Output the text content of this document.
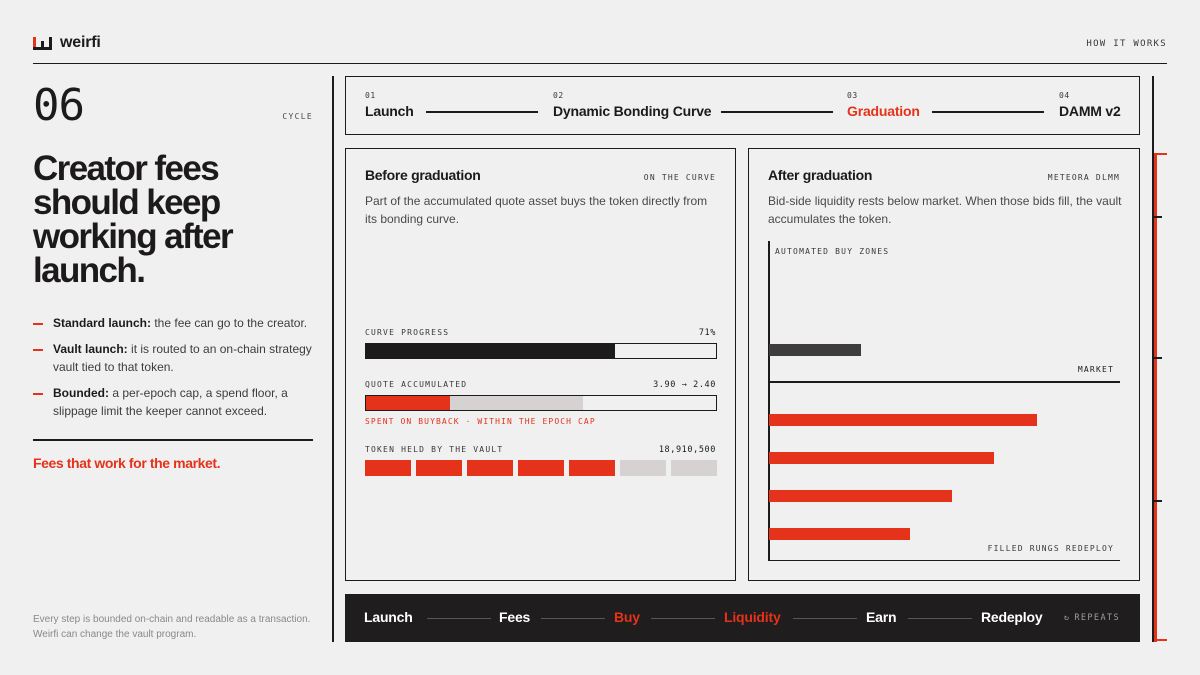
weirfi	HOW IT WORKS
06	CYCLE
Creator fees should keep working after launch.
Standard launch: the fee can go to the creator.
Vault launch: it is routed to an on-chain strategy vault tied to that token.
Bounded: a per-epoch cap, a spend floor, a slippage limit the keeper cannot exceed.
Fees that work for the market.
Every step is bounded on-chain and readable as a transaction. Weirfi can change the vault program.
01
Launch
02
Dynamic Bonding Curve
03
Graduation
04
DAMM v2
Before graduation	ON THE CURVE
Part of the accumulated quote asset buys the token directly from its bonding curve.
CURVE PROGRESS	71%
QUOTE ACCUMULATED	3.90 → 2.40
SPENT ON BUYBACK · WITHIN THE EPOCH CAP
TOKEN HELD BY THE VAULT	18,910,500
After graduation	METEORA DLMM
Bid-side liquidity rests below market. When those bids fill, the vault accumulates the token.
AUTOMATED BUY ZONES
MARKET
FILLED RUNGS REDEPLOY
Launch	Fees	Buy	Liquidity	Earn	Redeploy	↻ REPEATS
